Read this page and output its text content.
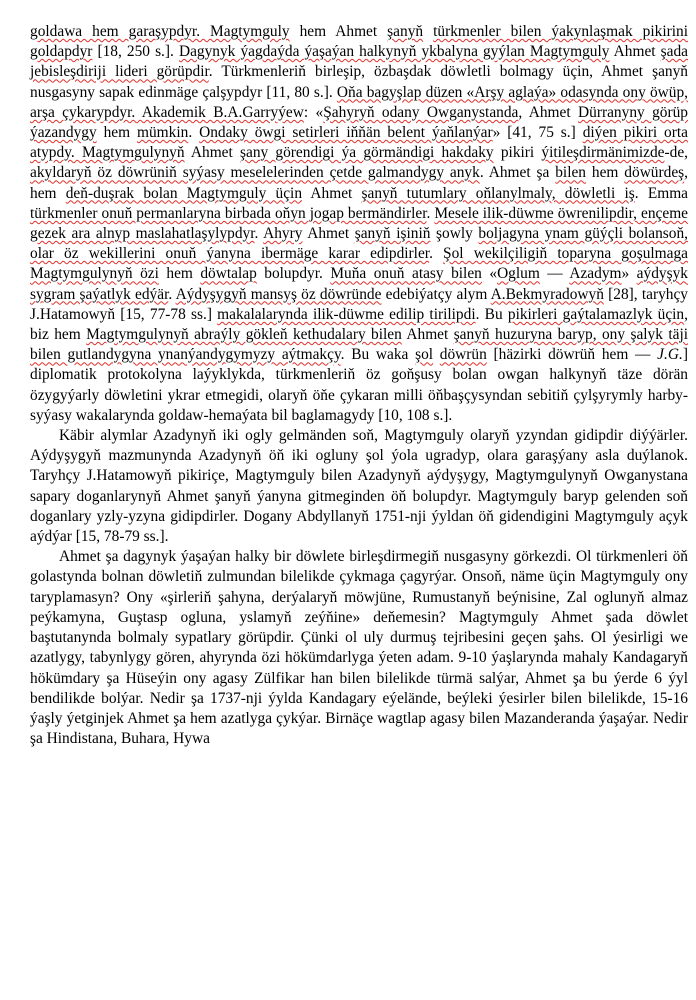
goldawa hem garaşypdyr. Magtymguly hem Ahmet şanyň türkmenler bilen ýakynlaşmak pikirini goldapdyr [18, 250 s.]. Dagynyk ýagdaýda ýaşaýan halkynyň ykbalyna gyýlan Magtymguly Ahmet şada jebisleşdiriji lideri görüpdir. Türkmenleriň birleşip, özbaşdak döwletli bolmagy üçin, Ahmet şanyň nusgasyny sapak edinmäge çalşypdyr [11, 80 s.]. Oňa bagyşlap düzen «Arşy aglaýa» odasynda ony öwüp, arşa çykarypdyr. Akademik B.A.Garryýew: «Şahyryň odany Owganystanda, Ahmet Dürranyny görüp ýazandygy hem mümkin. Ondaky öwgi setirleri iňňän belent ýaňlanýar» [41, 75 s.] diýen pikiri orta atypdy. Magtymgulynyň Ahmet şany görendigi ýa görmändigi hakdaky pikiri ýitileşdirmänimizde-de, akyldaryň öz döwrüniň syýasy meselelerinden çetde galmandygy anyk. Ahmet şa bilen hem döwürdeş, hem deň-duşrak bolan Magtymguly üçin Ahmet şanyň tutumlary oňlanylmaly, döwletli iş. Emma türkmenler onuň permanlaryna birbada oňyn jogap bermändirler. Mesele ilik-düwme öwrenilipdir, ençeme gezek ara alnyp maslahatlaşylypdyr. Ahyry Ahmet şanyň işiniň şowly boljagyna ynam güýçli bolansoň, olar öz wekillerini onuň ýanyna ibermäge karar edipdirler. Şol wekilçiligiň toparyna goşulmaga Magtymgulynyň özi hem döwtalap bolupdyr. Muňa onuň atasy bilen «Oglum — Azadym» aýdyşyk sygram şaýatlyk edýär. Aýdyşygyň mansyş öz döwründe edebiýatçy alym A.Bekmyradowyň [28], taryhçy J.Hatamowyň [15, 77-78 ss.] makalalarynda ilik-düwme edilip tirilipdi. Bu pikirleri gaýtalamazlyk üçin, biz hem Magtymgulynyň abraýly gökleň kethudalary bilen Ahmet şanyň huzuryna baryp, ony şalyk täji bilen gutlandygyna ynanýandygymyzy aýtmakçy. Bu waka şol döwrün [häzirki döwrüň hem — J.G.] diplomatik protokolyna laýyklykda, türkmenleriň öz goňşusy bolan owgan halkynyň täze dörän özygyýarly döwletini ykrar etmegidi, olaryň öňe çykaran milli öňbaşçysyndan sebitiň çylşyrymly harby-syýasy wakalarynda goldaw-hemaýata bil baglamagydy [10, 108 s.].

Käbir alymlar Azadynyň iki ogly gelmänden soň, Magtymguly olaryň yzyndan gidipdir diýýärler. Aýdyşygyň mazmunynda Azadynyň öň iki ogluny şol ýola ugradyp, olara garaşýany asla duýlanok. Taryhçy J.Hatamowyň pikiriçe, Magtymguly bilen Azadynyň aýdyşygy, Magtymgulynyň Owganystana sapary doganlarynyň Ahmet şanyň ýanyna gitmeginden öň bolupdyr. Magtymguly baryp gelenden soň doganlary yzly-yzyna gidipdirler. Dogany Abdyllanyň 1751-nji ýyldan öň gidendigini Magtymguly açyk aýdýar [15, 78-79 ss.].

Ahmet şa dagynyk ýaşaýan halky bir döwlete birleşdirmegiň nusgasyny görkezdi. Ol türkmenleri öň golastynda bolnan döwletiň zulmundan bilelikde çykmaga çagyrýar. Onsoň, näme üçin Magtymguly ony taryplamasyn? Ony «şirleriň şahyna, derýalaryň möwjüne, Rumustanyň beýnisine, Zal oglunyň almaz peýkamyna, Guştasp ogluna, yslamyň zeýňine» deňemesin? Magtymguly Ahmet şada döwlet baştutanynda bolmaly sypatlary görüpdir. Çünki ol uly durmuş tejribesini geçen şahs. Ol ýesirligi we azatlygy, tabynlygy gören, ahyrynda özi hökümdarlyga ýeten adam. 9-10 ýaşlarynda mahaly Kandagaryň hökümdary şa Hüseýin ony agasy Zülfikar han bilen bilelikde türmä salýar, Ahmet şa bu ýerde 6 ýyl bendilikde bolýar. Nedir şa 1737-nji ýylda Kandagary eýelände, beýleki ýesirler bilen bilelikde, 15-16 ýaşly ýetginjek Ahmet şa hem azatlyga çykýar. Birnäçe wagtlap agasy bilen Mazanderanda ýaşaýar. Nedir şa Hindistana, Buhara, Hywa
